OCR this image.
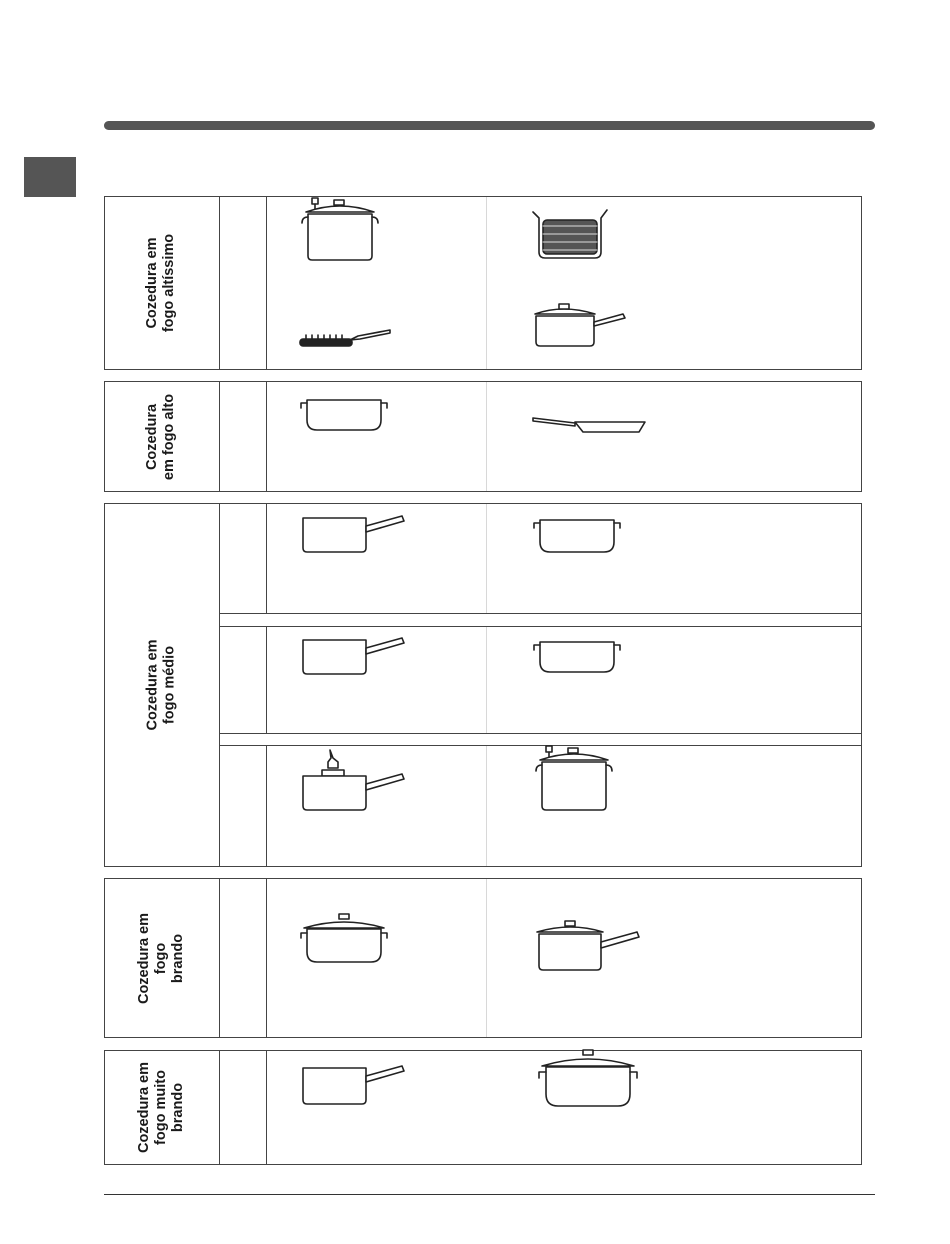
Cozedura em
fogo altíssimo
Cozedura
em fogo alto
Cozedura em fogo médio
Cozedura em fogo
brando
Cozedura em
fogo muito
brando
